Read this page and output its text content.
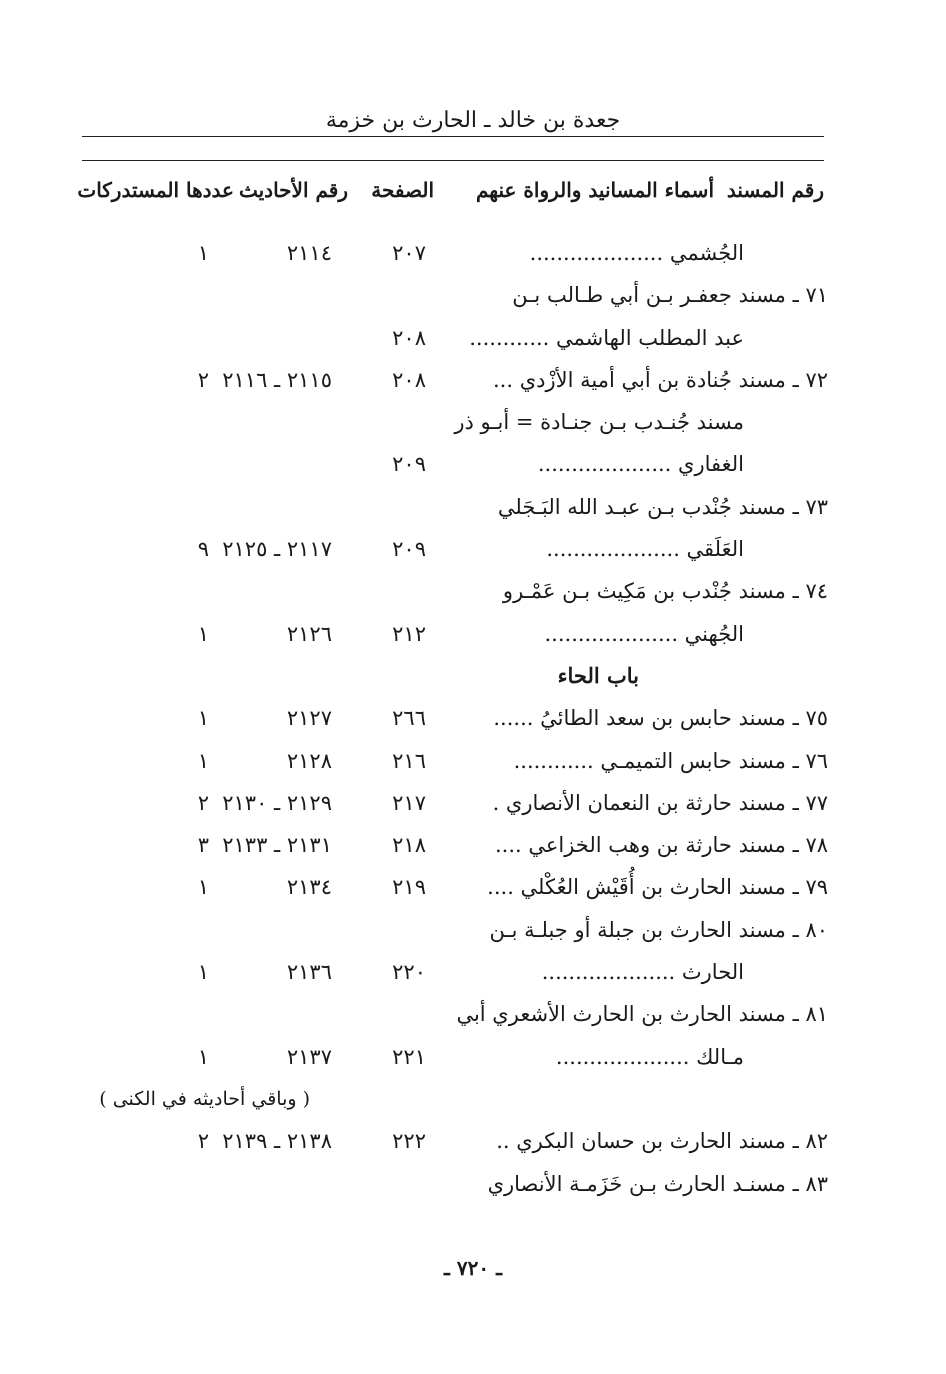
جعدة بن خالد ـ الحارث بن خزمة
رقم المسند
أسماء المسانيد والرواة عنهم
الصفحة
رقم الأحاديث
عددها المستدركات
الجُشمي ....................
٢٠٧
٢١١٤
١
٧١ ـ مسند جعفـر بـن أبي طـالب بـن
عبد المطلب الهاشمي ............
٢٠٨
٧٢ ـ مسند جُنادة بن أبي أمية الأزْدي ...
٢٠٨
٢١١٥ ـ ٢١١٦
٢
مسند جُنـدب بـن جنـادة = أبـو ذر
الغفاري ....................
٢٠٩
٧٣ ـ مسند جُنْدب بـن عبـد الله البَـجَلي
العَلَقي ....................
٢٠٩
٢١١٧ ـ ٢١٢٥
٩
٧٤ ـ مسند جُنْدب بن مَكِيث بـن عَمْـرو
الجُهني ....................
٢١٢
٢١٢٦
١
باب الحاء
٧٥ ـ مسند حابس بن سعد الطائيُ ......
٢٦٦
٢١٢٧
١
٧٦ ـ مسند حابس التميمـي ............
٢١٦
٢١٢٨
١
٧٧ ـ مسند حارثة بن النعمان الأنصاري .
٢١٧
٢١٢٩ ـ ٢١٣٠
٢
٧٨ ـ مسند حارثة بن وهب الخزاعي ....
٢١٨
٢١٣١ ـ ٢١٣٣
٣
٧٩ ـ مسند الحارث بن أُقَيْش العُكْلي ....
٢١٩
٢١٣٤
١
٨٠ ـ مسند الحارث بن جبلة أو جبلـة بـن
الحارث ....................
٢٢٠
٢١٣٦
١
٨١ ـ مسند الحارث بن الحارث الأشعري أبي
مـالك ....................
٢٢١
٢١٣٧
١
( وباقي أحاديثه في الكنى )
٨٢ ـ مسند الحارث بن حسان البكري ..
٢٢٢
٢١٣٨ ـ ٢١٣٩
٢
٨٣ ـ مسنـد الحارث بـن خَزَمـة الأنصاري
ـ ٧٢٠ ـ
